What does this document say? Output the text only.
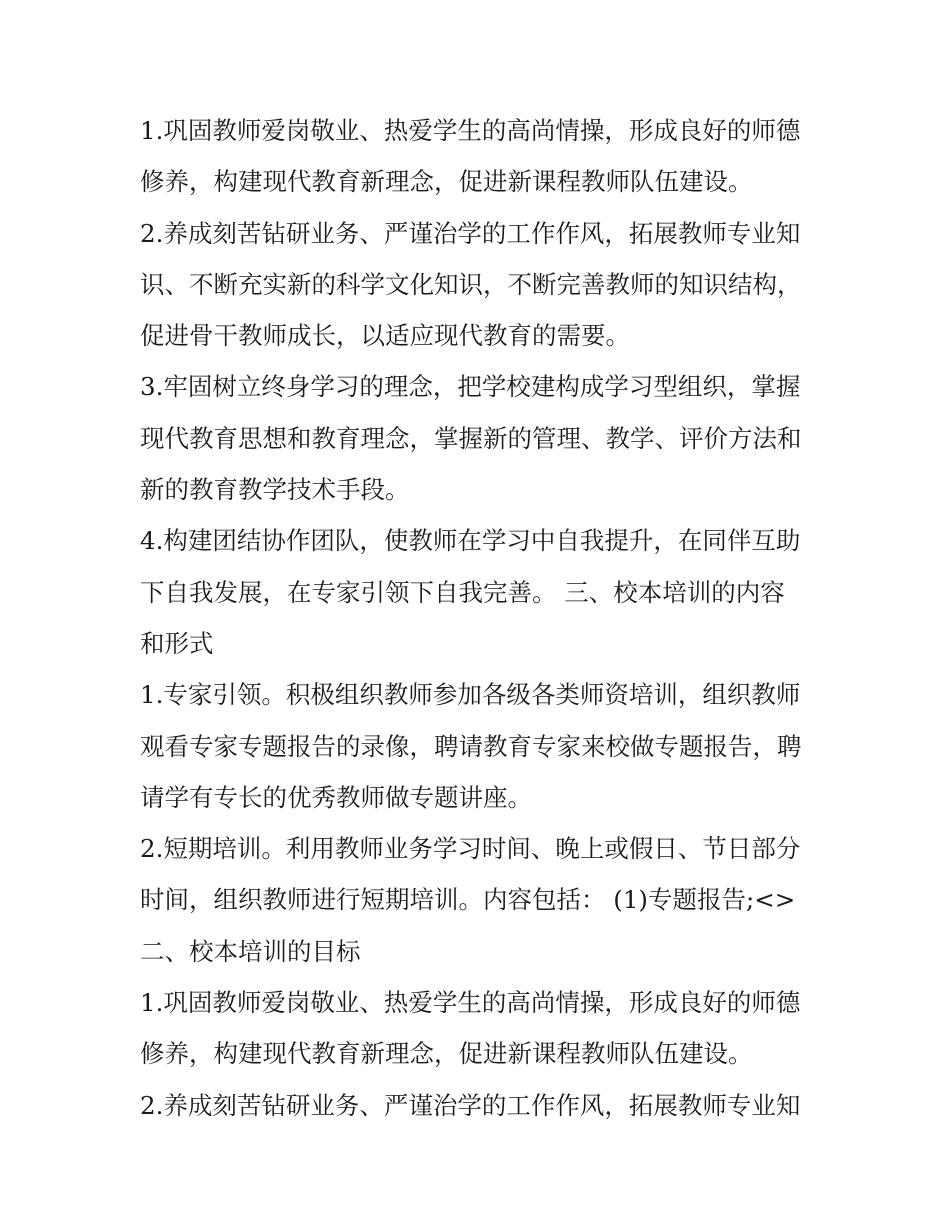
1.巩固教师爱岗敬业、热爱学生的高尚情操，形成良好的师德
修养，构建现代教育新理念，促进新课程教师队伍建设。
2.养成刻苦钻研业务、严谨治学的工作作风，拓展教师专业知
识、不断充实新的科学文化知识，不断完善教师的知识结构，
促进骨干教师成长，以适应现代教育的需要。
3.牢固树立终身学习的理念，把学校建构成学习型组织，掌握
现代教育思想和教育理念，掌握新的管理、教学、评价方法和
新的教育教学技术手段。
4.构建团结协作团队，使教师在学习中自我提升，在同伴互助
下自我发展，在专家引领下自我完善。 三、校本培训的内容
和形式
1.专家引领。积极组织教师参加各级各类师资培训，组织教师
观看专家专题报告的录像，聘请教育专家来校做专题报告，聘
请学有专长的优秀教师做专题讲座。
2.短期培训。利用教师业务学习时间、晚上或假日、节日部分
时间，组织教师进行短期培训。内容包括： (1)专题报告;<>
二、校本培训的目标
1.巩固教师爱岗敬业、热爱学生的高尚情操，形成良好的师德
修养，构建现代教育新理念，促进新课程教师队伍建设。
2.养成刻苦钻研业务、严谨治学的工作作风，拓展教师专业知
